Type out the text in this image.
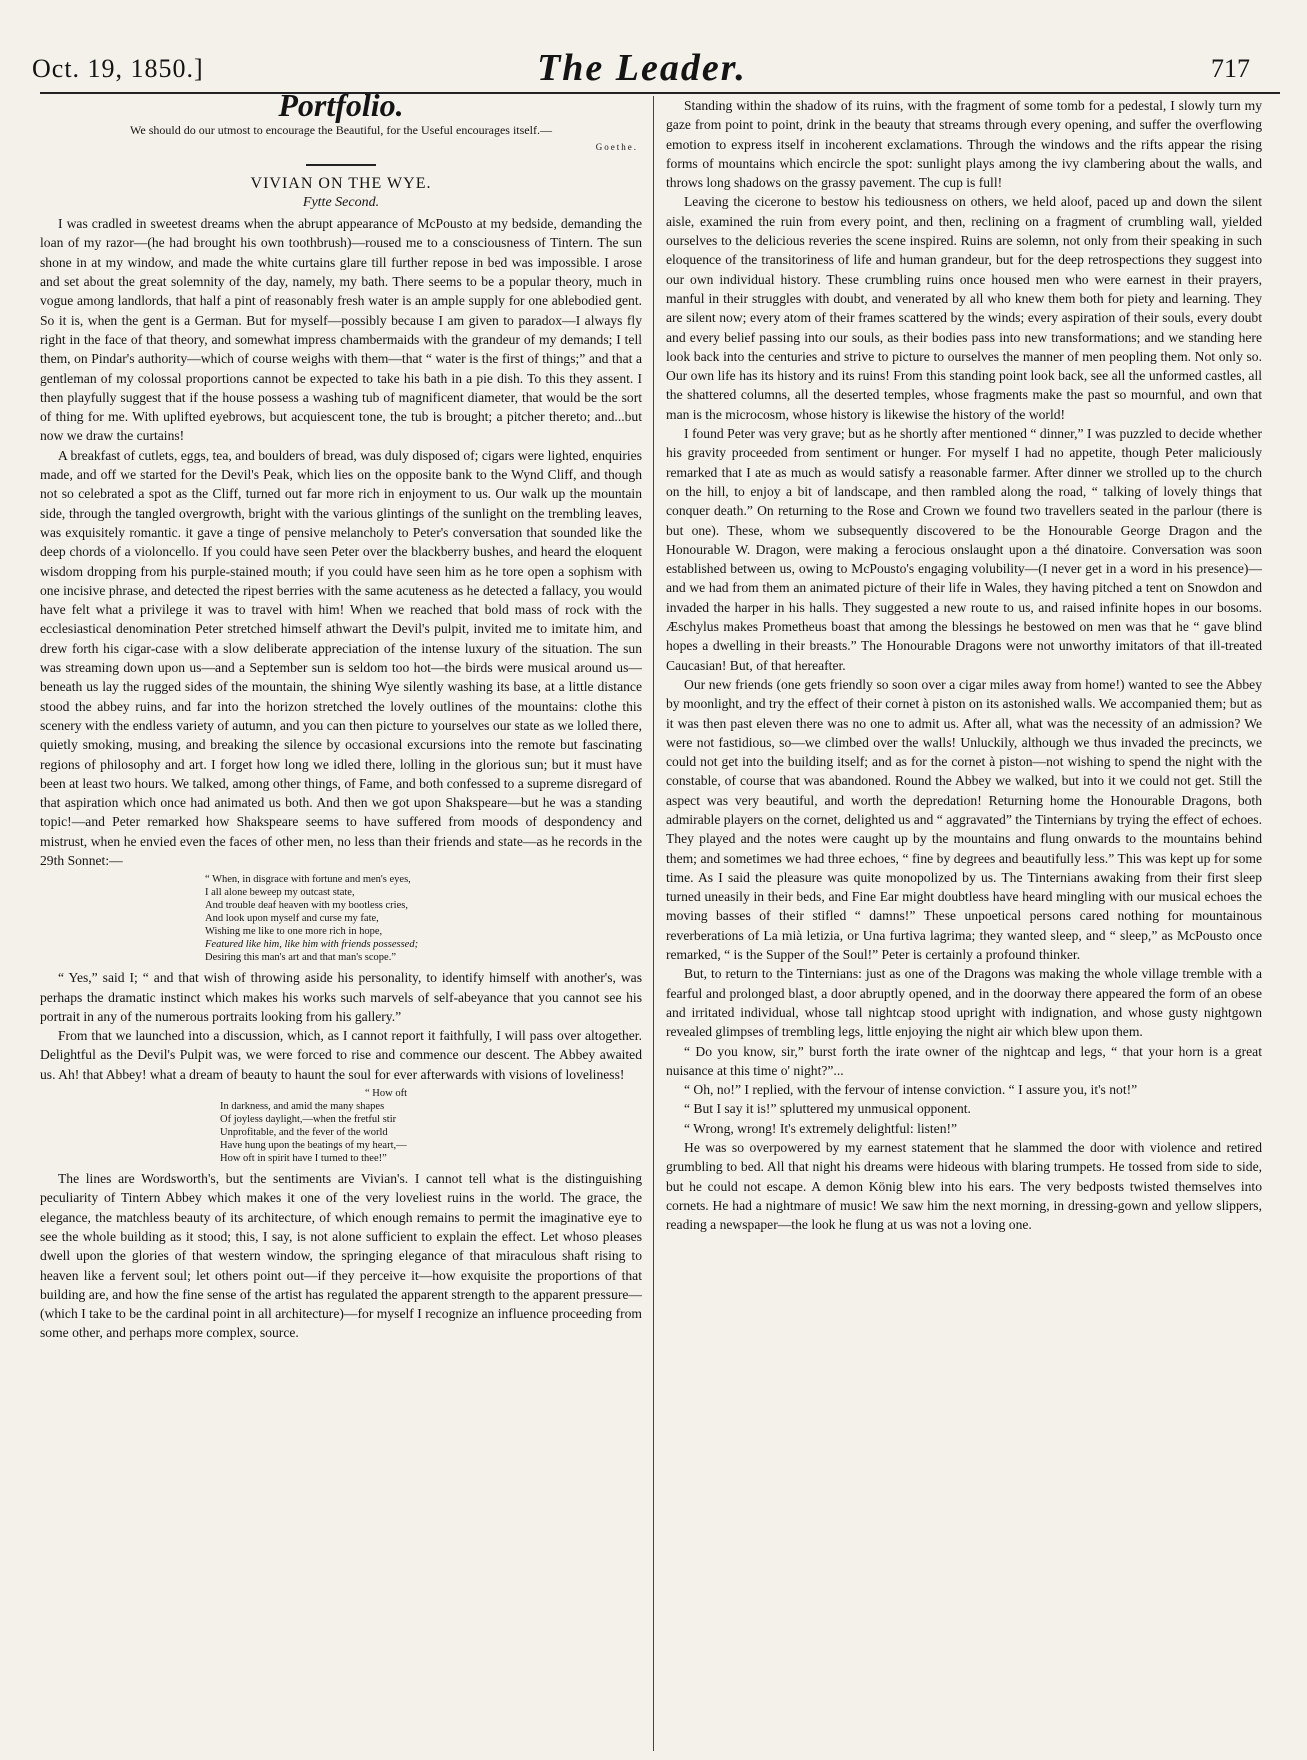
Oct. 19, 1850.]	The Leader.	717
Portfolio.
We should do our utmost to encourage the Beautiful, for the Useful encourages itself.—
Goethe.
VIVIAN ON THE WYE.
Fytte Second.

I was cradled in sweetest dreams when the abrupt appearance of McPousto at my bedside, demanding the loan of my razor—(he had brought his own toothbrush)—roused me to a consciousness of Tintern. The sun shone in at my window, and made the white curtains glare till further repose in bed was impossible. I arose and set about the great solemnity of the day, namely, my bath. There seems to be a popular theory, much in vogue among landlords, that half a pint of reasonably fresh water is an ample supply for one ablebodied gent. So it is, when the gent is a German. But for myself—possibly because I am given to paradox—I always fly right in the face of that theory, and somewhat impress chambermaids with the grandeur of my demands; I tell them, on Pindar's authority—which of course weighs with them—that “ water is the first of things;” and that a gentleman of my colossal proportions cannot be expected to take his bath in a pie dish. To this they assent. I then playfully suggest that if the house possess a washing tub of magnificent diameter, that would be the sort of thing for me. With uplifted eyebrows, but acquiescent tone, the tub is brought; a pitcher thereto; and...but now we draw the curtains!

A breakfast of cutlets, eggs, tea, and boulders of bread, was duly disposed of; cigars were lighted, enquiries made, and off we started for the Devil's Peak, which lies on the opposite bank to the Wynd Cliff, and though not so celebrated a spot as the Cliff, turned out far more rich in enjoyment to us. Our walk up the mountain side, through the tangled overgrowth, bright with the various glintings of the sunlight on the trembling leaves, was exquisitely romantic. it gave a tinge of pensive melancholy to Peter's conversation that sounded like the deep chords of a violoncello. If you could have seen Peter over the blackberry bushes, and heard the eloquent wisdom dropping from his purple-stained mouth; if you could have seen him as he tore open a sophism with one incisive phrase, and detected the ripest berries with the same acuteness as he detected a fallacy, you would have felt what a privilege it was to travel with him! When we reached that bold mass of rock with the ecclesiastical denomination Peter stretched himself athwart the Devil's pulpit, invited me to imitate him, and drew forth his cigar-case with a slow deliberate appreciation of the intense luxury of the situation. The sun was streaming down upon us—and a September sun is seldom too hot—the birds were musical around us—beneath us lay the rugged sides of the mountain, the shining Wye silently washing its base, at a little distance stood the abbey ruins, and far into the horizon stretched the lovely outlines of the mountains: clothe this scenery with the endless variety of autumn, and you can then picture to yourselves our state as we lolled there, quietly smoking, musing, and breaking the silence by occasional excursions into the remote but fascinating regions of philosophy and art. I forget how long we idled there, lolling in the glorious sun; but it must have been at least two hours. We talked, among other things, of Fame, and both confessed to a supreme disregard of that aspiration which once had animated us both. And then we got upon Shakspeare—but he was a standing topic!—and Peter remarked how Shakspeare seems to have suffered from moods of despondency and mistrust, when he envied even the faces of other men, no less than their friends and state—as he records in the 29th Sonnet:—

“ When, in disgrace with fortune and men's eyes,
I all alone beweep my outcast state,
And trouble deaf heaven with my bootless cries,
And look upon myself and curse my fate,
Wishing me like to one more rich in hope,
Featured like him, like him with friends possessed;
Desiring this man's art and that man's scope.”

“ Yes,” said I; “ and that wish of throwing aside his personality, to identify himself with another's, was perhaps the dramatic instinct which makes his works such marvels of self-abeyance that you cannot see his portrait in any of the numerous portraits looking from his gallery.”

From that we launched into a discussion, which, as I cannot report it faithfully, I will pass over altogether. Delightful as the Devil's Pulpit was, we were forced to rise and commence our descent. The Abbey awaited us. Ah! that Abbey! what a dream of beauty to haunt the soul for ever afterwards with visions of loveliness!

“ How oft
In darkness, and amid the many shapes
Of joyless daylight,—when the fretful stir
Unprofitable, and the fever of the world
Have hung upon the beatings of my heart,—
How oft in spirit have I turned to thee!”

The lines are Wordsworth's, but the sentiments are Vivian's. I cannot tell what is the distinguishing peculiarity of Tintern Abbey which makes it one of the very loveliest ruins in the world. The grace, the elegance, the matchless beauty of its architecture, of which enough remains to permit the imaginative eye to see the whole building as it stood; this, I say, is not alone sufficient to explain the effect. Let whoso pleases dwell upon the glories of that western window, the springing elegance of that miraculous shaft rising to heaven like a fervent soul; let others point out—if they perceive it—how exquisite the proportions of that building are, and how the fine sense of the artist has regulated the apparent strength to the apparent pressure—(which I take to be the cardinal point in all architecture)—for myself I recognize an influence proceeding from some other, and perhaps more complex, source.

Standing within the shadow of its ruins, with the fragment of some tomb for a pedestal, I slowly turn my gaze from point to point, drink in the beauty that streams through every opening, and suffer the overflowing emotion to express itself in incoherent exclamations. Through the windows and the rifts appear the rising forms of mountains which encircle the spot: sunlight plays among the ivy clambering about the walls, and throws long shadows on the grassy pavement. The cup is full!

Leaving the cicerone to bestow his tediousness on others, we held aloof, paced up and down the silent aisle, examined the ruin from every point, and then, reclining on a fragment of crumbling wall, yielded ourselves to the delicious reveries the scene inspired. Ruins are solemn, not only from their speaking in such eloquence of the transitoriness of life and human grandeur, but for the deep retrospections they suggest into our own individual history. These crumbling ruins once housed men who were earnest in their prayers, manful in their struggles with doubt, and venerated by all who knew them both for piety and learning. They are silent now; every atom of their frames scattered by the winds; every aspiration of their souls, every doubt and every belief passing into our souls, as their bodies pass into new transformations; and we standing here look back into the centuries and strive to picture to ourselves the manner of men peopling them. Not only so. Our own life has its history and its ruins! From this standing point look back, see all the unformed castles, all the shattered columns, all the deserted temples, whose fragments make the past so mournful, and own that man is the microcosm, whose history is likewise the history of the world!

I found Peter was very grave; but as he shortly after mentioned “ dinner,” I was puzzled to decide whether his gravity proceeded from sentiment or hunger. For myself I had no appetite, though Peter maliciously remarked that I ate as much as would satisfy a reasonable farmer. After dinner we strolled up to the church on the hill, to enjoy a bit of landscape, and then rambled along the road, “ talking of lovely things that conquer death.” On returning to the Rose and Crown we found two travellers seated in the parlour (there is but one). These, whom we subsequently discovered to be the Honourable George Dragon and the Honourable W. Dragon, were making a ferocious onslaught upon a thé dinatoire. Conversation was soon established between us, owing to McPousto's engaging volubility—(I never get in a word in his presence)—and we had from them an animated picture of their life in Wales, they having pitched a tent on Snowdon and invaded the harper in his halls. They suggested a new route to us, and raised infinite hopes in our bosoms. Æschylus makes Prometheus boast that among the blessings he bestowed on men was that he “ gave blind hopes a dwelling in their breasts.” The Honourable Dragons were not unworthy imitators of that ill-treated Caucasian! But, of that hereafter.

Our new friends (one gets friendly so soon over a cigar miles away from home!) wanted to see the Abbey by moonlight, and try the effect of their cornet à piston on its astonished walls. We accompanied them; but as it was then past eleven there was no one to admit us. After all, what was the necessity of an admission? We were not fastidious, so—we climbed over the walls! Unluckily, although we thus invaded the precincts, we could not get into the building itself; and as for the cornet à piston—not wishing to spend the night with the constable, of course that was abandoned. Round the Abbey we walked, but into it we could not get. Still the aspect was very beautiful, and worth the depredation! Returning home the Honourable Dragons, both admirable players on the cornet, delighted us and “ aggravated” the Tinternians by trying the effect of echoes. They played and the notes were caught up by the mountains and flung onwards to the mountains behind them; and sometimes we had three echoes, “ fine by degrees and beautifully less.” This was kept up for some time. As I said the pleasure was quite monopolized by us. The Tinternians awaking from their first sleep turned uneasily in their beds, and Fine Ear might doubtless have heard mingling with our musical echoes the moving basses of their stifled “ damns!” These unpoetical persons cared nothing for mountainous reverberations of La mià letizia, or Una furtiva lagrima; they wanted sleep, and “ sleep,” as McPousto once remarked, “ is the Supper of the Soul!” Peter is certainly a profound thinker.

But, to return to the Tinternians: just as one of the Dragons was making the whole village tremble with a fearful and prolonged blast, a door abruptly opened, and in the doorway there appeared the form of an obese and irritated individual, whose tall nightcap stood upright with indignation, and whose gusty nightgown revealed glimpses of trembling legs, little enjoying the night air which blew upon them.

“ Do you know, sir,” burst forth the irate owner of the nightcap and legs, “ that your horn is a great nuisance at this time o' night?”...

“ Oh, no!” I replied, with the fervour of intense conviction. “ I assure you, it's not!”

“ But I say it is!” spluttered my unmusical opponent.

“ Wrong, wrong! It's extremely delightful: listen!”

He was so overpowered by my earnest statement that he slammed the door with violence and retired grumbling to bed. All that night his dreams were hideous with blaring trumpets. He tossed from side to side, but he could not escape. A demon König blew into his ears. The very bedposts twisted themselves into cornets. He had a nightmare of music! We saw him the next morning, in dressing-gown and yellow slippers, reading a newspaper—the look he flung at us was not a loving one.
